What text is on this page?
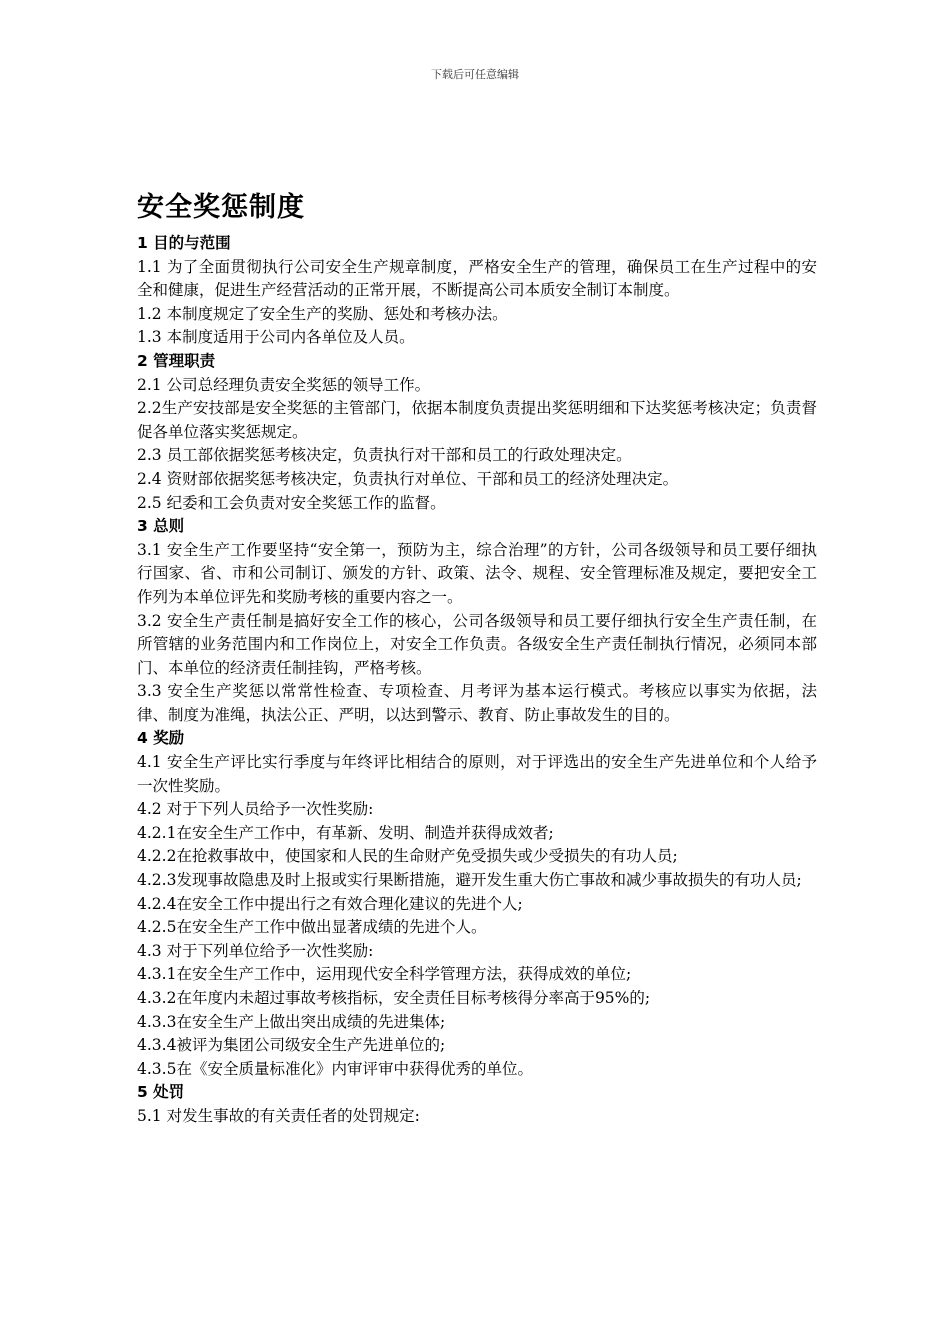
下载后可任意编辑
安全奖惩制度
1 目的与范围
1.1 为了全面贯彻执行公司安全生产规章制度，严格安全生产的管理，确保员工在生产过程中的安全和健康，促进生产经营活动的正常开展，不断提高公司本质安全制订本制度。
1.2 本制度规定了安全生产的奖励、惩处和考核办法。
1.3 本制度适用于公司内各单位及人员。
2 管理职责
2.1 公司总经理负责安全奖惩的领导工作。
2.2生产安技部是安全奖惩的主管部门，依据本制度负责提出奖惩明细和下达奖惩考核决定；负责督促各单位落实奖惩规定。
2.3 员工部依据奖惩考核决定，负责执行对干部和员工的行政处理决定。
2.4 资财部依据奖惩考核决定，负责执行对单位、干部和员工的经济处理决定。
2.5 纪委和工会负责对安全奖惩工作的监督。
3 总则
3.1 安全生产工作要坚持“安全第一，预防为主，综合治理”的方针，公司各级领导和员工要仔细执行国家、省、市和公司制订、颁发的方针、政策、法令、规程、安全管理标准及规定，要把安全工作列为本单位评先和奖励考核的重要内容之一。
3.2 安全生产责任制是搞好安全工作的核心，公司各级领导和员工要仔细执行安全生产责任制，在所管辖的业务范围内和工作岗位上，对安全工作负责。各级安全生产责任制执行情况，必须同本部门、本单位的经济责任制挂钩，严格考核。
3.3 安全生产奖惩以常常性检查、专项检查、月考评为基本运行模式。考核应以事实为依据，法律、制度为准绳，执法公正、严明，以达到警示、教育、防止事故发生的目的。
4 奖励
4.1 安全生产评比实行季度与年终评比相结合的原则，对于评选出的安全生产先进单位和个人给予一次性奖励。
4.2 对于下列人员给予一次性奖励:
4.2.1在安全生产工作中，有革新、发明、制造并获得成效者;
4.2.2在抢救事故中，使国家和人民的生命财产免受损失或少受损失的有功人员;
4.2.3发现事故隐患及时上报或实行果断措施，避开发生重大伤亡事故和减少事故损失的有功人员;
4.2.4在安全工作中提出行之有效合理化建议的先进个人;
4.2.5在安全生产工作中做出显著成绩的先进个人。
4.3 对于下列单位给予一次性奖励:
4.3.1在安全生产工作中，运用现代安全科学管理方法，获得成效的单位;
4.3.2在年度内未超过事故考核指标，安全责任目标考核得分率高于95%的;
4.3.3在安全生产上做出突出成绩的先进集体;
4.3.4被评为集团公司级安全生产先进单位的;
4.3.5在《安全质量标准化》内审评审中获得优秀的单位。
5 处罚
5.1 对发生事故的有关责任者的处罚规定:
